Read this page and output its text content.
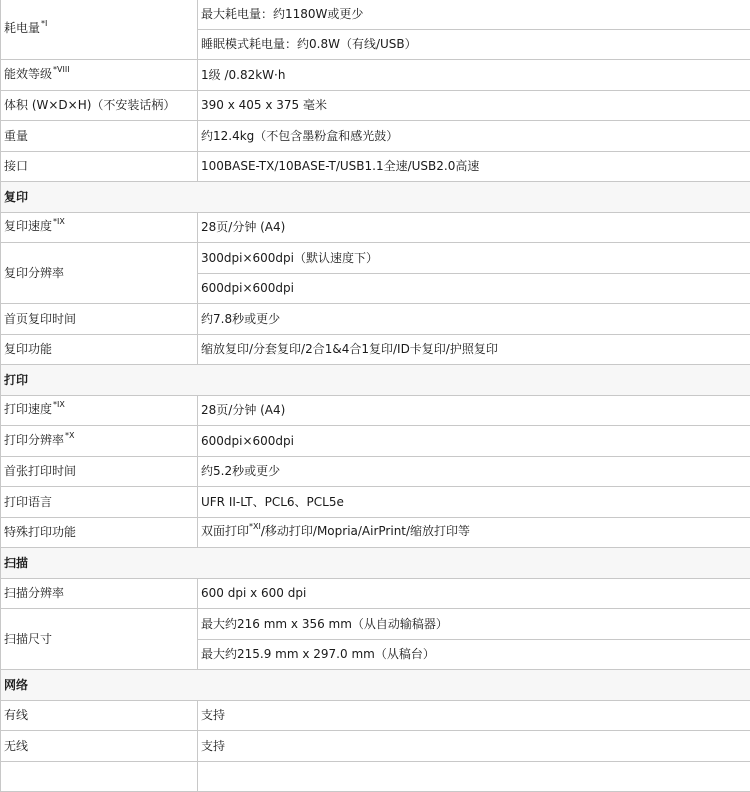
耗电量$^{*I}$	最大耗电量：约1180W或更少
	睡眠模式耗电量：约0.8W（有线/USB）
能效等级$^{*VIII}$	1级 /0.82kW·h
体积 (W×D×H)（不安装话柄）	390 x 405 x 375 毫米
重量	约12.4kg（不包含墨粉盒和感光鼓）
接口	100BASE-TX/10BASE-T/USB1.1全速/USB2.0高速
复印	
复印速度$^{*IX}$	28页/分钟 (A4)
复印分辨率	300dpi×600dpi（默认速度下）
	600dpi×600dpi
首页复印时间	约7.8秒或更少
复印功能	缩放复印/分套复印/2合1&4合1复印/ID卡复印/护照复印
打印	
打印速度$^{*IX}$	28页/分钟 (A4)
打印分辨率$^{*X}$	600dpi×600dpi
首张打印时间	约5.2秒或更少
打印语言	UFR II-LT、PCL6、PCL5e
特殊打印功能	双面打印$^{*XI}$/移动打印/Mopria/AirPrint/缩放打印等
扫描	
扫描分辨率	600 dpi x 600 dpi
扫描尺寸	最大约216 mm x 356 mm（从自动输稿器）
	最大约215.9 mm x 297.0 mm（从稿台）
网络	
有线	支持
无线	支持
